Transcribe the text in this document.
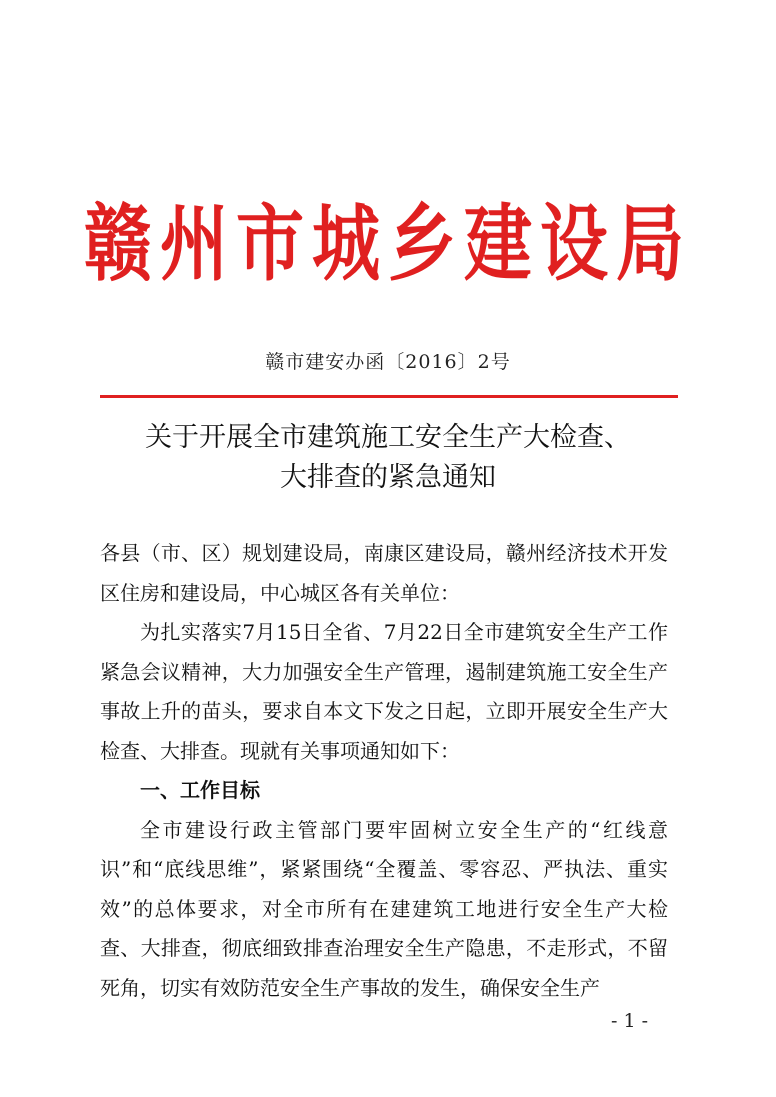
赣州市城乡建设局
赣市建安办函〔2016〕2号
关于开展全市建筑施工安全生产大检查、
大排查的紧急通知

各县（市、区）规划建设局，南康区建设局，赣州经济技术开发区住房和建设局，中心城区各有关单位：

为扎实落实7月15日全省、7月22日全市建筑安全生产工作紧急会议精神，大力加强安全生产管理，遏制建筑施工安全生产事故上升的苗头，要求自本文下发之日起，立即开展安全生产大检查、大排查。现就有关事项通知如下：

一、工作目标

全市建设行政主管部门要牢固树立安全生产的“红线意识”和“底线思维”，紧紧围绕“全覆盖、零容忍、严执法、重实效”的总体要求，对全市所有在建建筑工地进行安全生产大检查、大排查，彻底细致排查治理安全生产隐患，不走形式，不留死角，切实有效防范安全生产事故的发生，确保安全生产

- 1 -
